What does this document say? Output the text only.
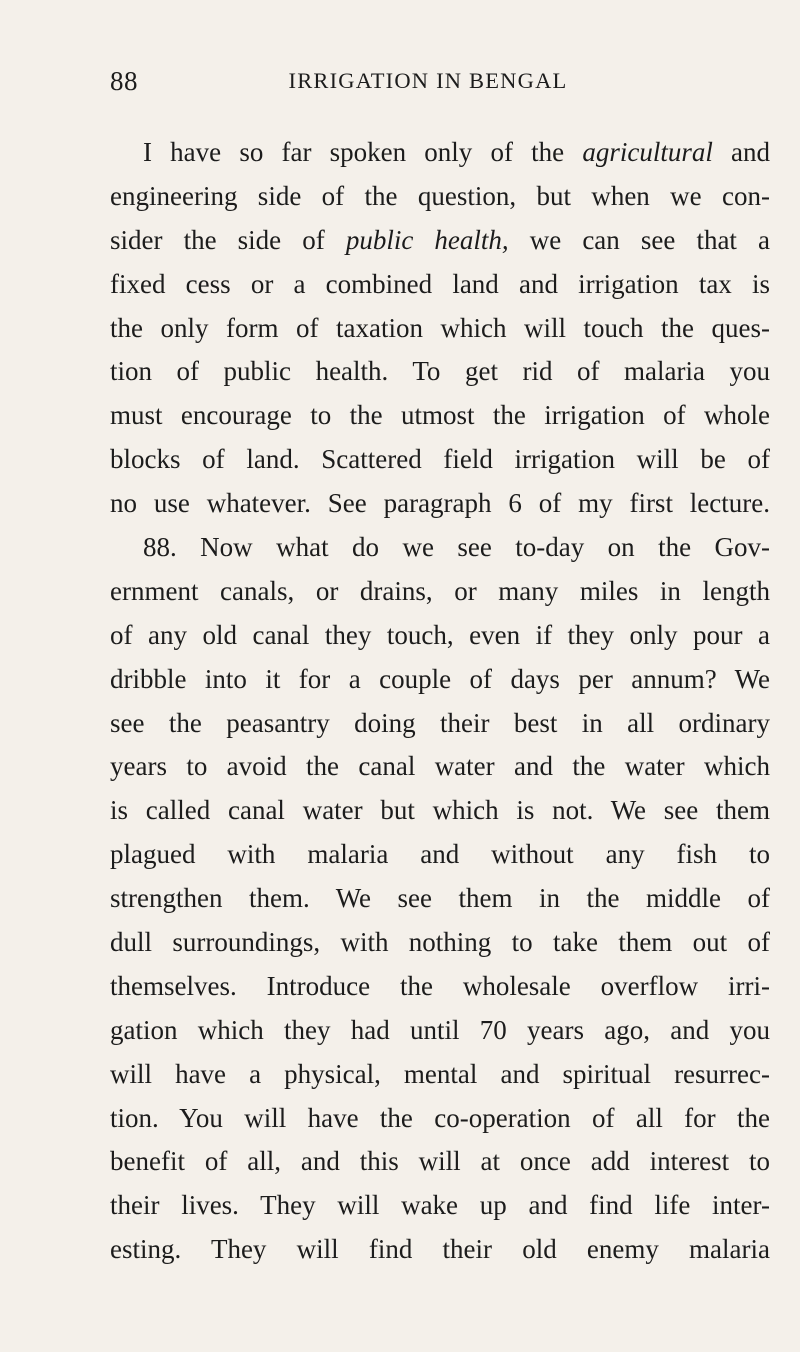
88	IRRIGATION IN BENGAL
I have so far spoken only of the agricultural and
engineering side of the question, but when we con-
sider the side of public health, we can see that a
fixed cess or a combined land and irrigation tax is
the only form of taxation which will touch the ques-
tion of public health. To get rid of malaria you
must encourage to the utmost the irrigation of whole
blocks of land. Scattered field irrigation will be of
no use whatever. See paragraph 6 of my first lecture.
88. Now what do we see to-day on the Gov-
ernment canals, or drains, or many miles in length
of any old canal they touch, even if they only pour a
dribble into it for a couple of days per annum? We
see the peasantry doing their best in all ordinary
years to avoid the canal water and the water which
is called canal water but which is not. We see them
plagued with malaria and without any fish to
strengthen them. We see them in the middle of
dull surroundings, with nothing to take them out of
themselves. Introduce the wholesale overflow irri-
gation which they had until 70 years ago, and you
will have a physical, mental and spiritual resurrec-
tion. You will have the co-operation of all for the
benefit of all, and this will at once add interest to
their lives. They will wake up and find life inter-
esting. They will find their old enemy malaria
